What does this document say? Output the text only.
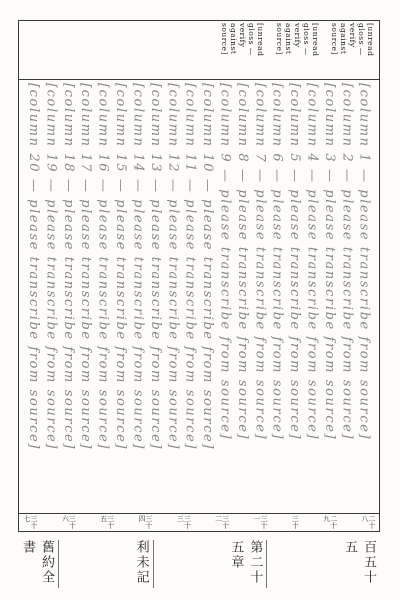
[unread gloss — verify against source]
[unread gloss — verify against source]
[unread gloss — verify against source]
[column 1 — please transcribe from source]
[column 2 — please transcribe from source]
[column 3 — please transcribe from source]
[column 4 — please transcribe from source]
[column 5 — please transcribe from source]
[column 6 — please transcribe from source]
[column 7 — please transcribe from source]
[column 8 — please transcribe from source]
[column 9 — please transcribe from source]
[column 10 — please transcribe from source]
[column 11 — please transcribe from source]
[column 12 — please transcribe from source]
[column 13 — please transcribe from source]
[column 14 — please transcribe from source]
[column 15 — please transcribe from source]
[column 16 — please transcribe from source]
[column 17 — please transcribe from source]
[column 18 — please transcribe from source]
[column 19 — please transcribe from source]
[column 20 — please transcribe from source]
二十八
二十九
三十
三十一
三十二
三十三
三十四
三十五
三十六
三十七
舊約全書	利未記	第二十五章	百五十五
